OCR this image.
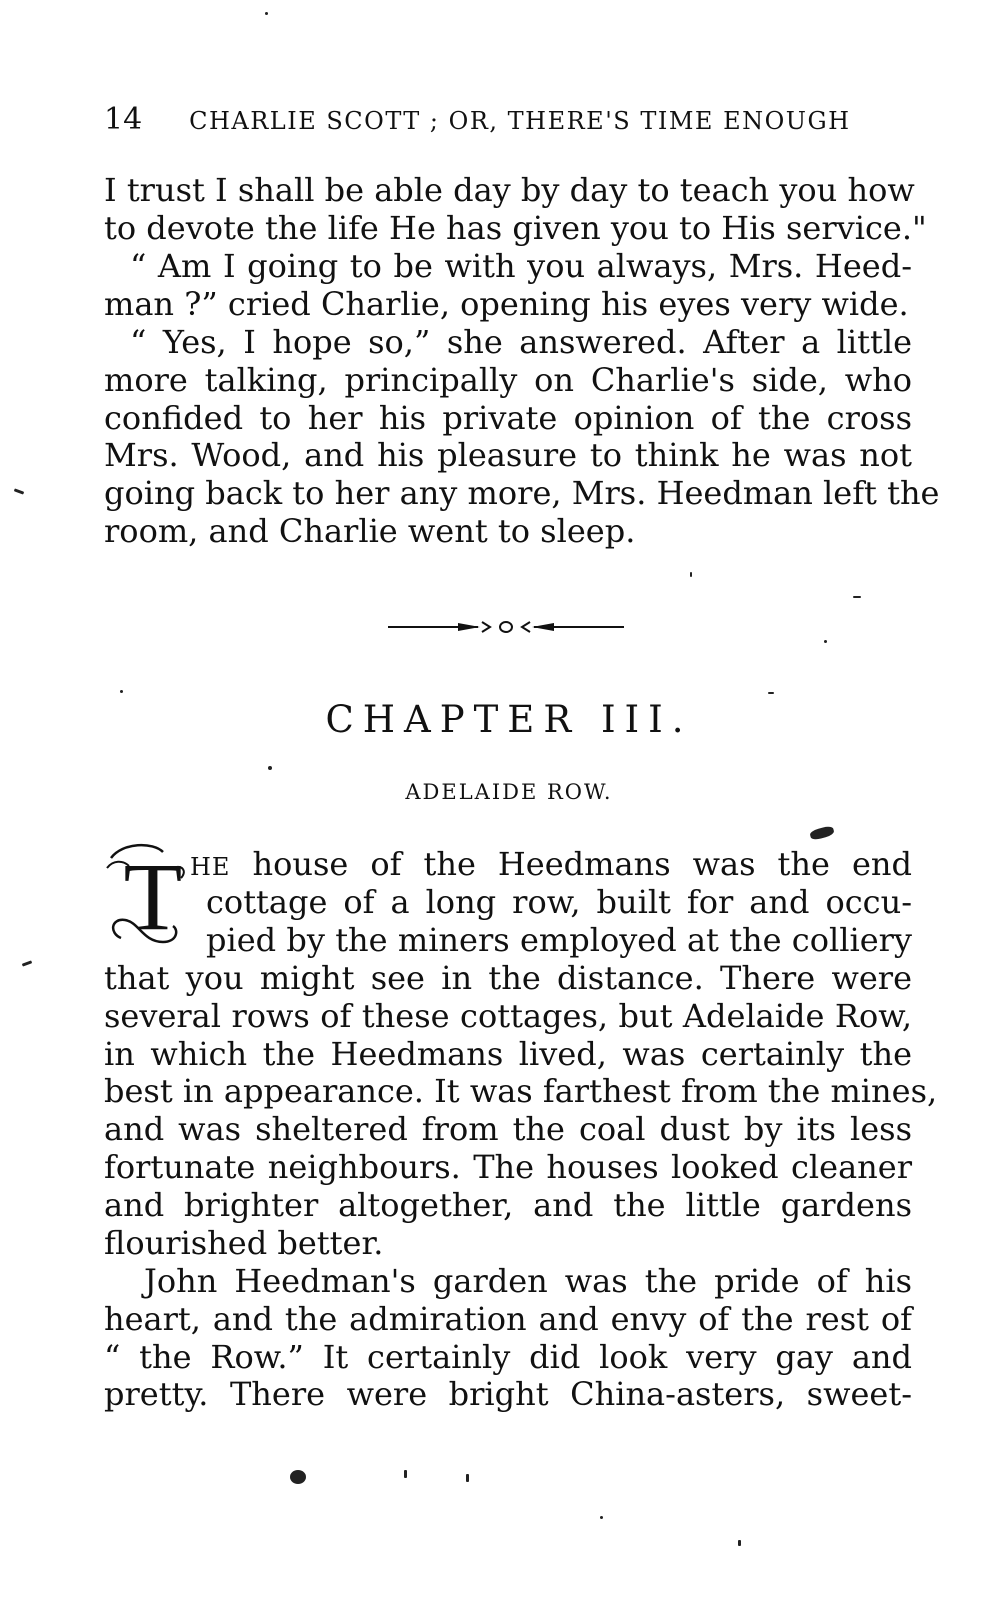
14 CHARLIE SCOTT ; OR, THERE'S TIME ENOUGH
I trust I shall be able day by day to teach you how
to devote the life He has given you to His service."
“ Am I going to be with you always, Mrs. Heed-
man ?” cried Charlie, opening his eyes very wide.
“ Yes, I hope so,” she answered. After a little
more talking, principally on Charlie's side, who
confided to her his private opinion of the cross
Mrs. Wood, and his pleasure to think he was not
going back to her any more, Mrs. Heedman left the
room, and Charlie went to sleep.
CHAPTER III.
ADELAIDE ROW.
T HE house of the Heedmans was the end
cottage of a long row, built for and occu-
pied by the miners employed at the colliery
that you might see in the distance. There were
several rows of these cottages, but Adelaide Row,
in which the Heedmans lived, was certainly the
best in appearance. It was farthest from the mines,
and was sheltered from the coal dust by its less
fortunate neighbours. The houses looked cleaner
and brighter altogether, and the little gardens
flourished better.
John Heedman's garden was the pride of his
heart, and the admiration and envy of the rest of
“ the Row.” It certainly did look very gay and
pretty. There were bright China-asters, sweet-
